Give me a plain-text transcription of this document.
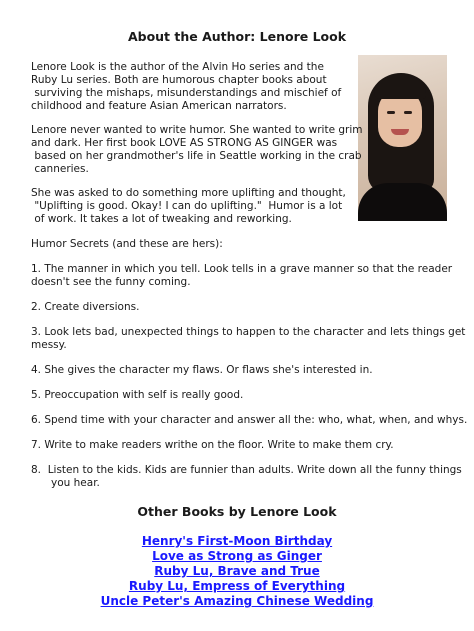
About the Author: Lenore Look
Lenore Look is the author of the Alvin Ho series and the
Ruby Lu series. Both are humorous chapter books about
surviving the mishaps, misunderstandings and mischief of
childhood and feature Asian American narrators.
Lenore never wanted to write humor. She wanted to write grim
and dark. Her first book LOVE AS STRONG AS GINGER was
based on her grandmother's life in Seattle working in the crab
canneries.
She was asked to do something more uplifting and thought,
"Uplifting is good. Okay! I can do uplifting."  Humor is a lot
of work. It takes a lot of tweaking and reworking.
Humor Secrets (and these are hers):
1. The manner in which you tell. Look tells in a grave manner so that the reader
doesn't see the funny coming.
2. Create diversions.
3. Look lets bad, unexpected things to happen to the character and lets things get
messy.
4. She gives the character my flaws. Or flaws she's interested in.
5. Preoccupation with self is really good.
6. Spend time with your character and answer all the: who, what, when, and whys.
7. Write to make readers writhe on the floor. Write to make them cry.
8.  Listen to the kids. Kids are funnier than adults. Write down all the funny things
you hear.
Other Books by Lenore Look
Henry's First-Moon Birthday
Love as Strong as Ginger
Ruby Lu, Brave and True
Ruby Lu, Empress of Everything
Uncle Peter's Amazing Chinese Wedding
